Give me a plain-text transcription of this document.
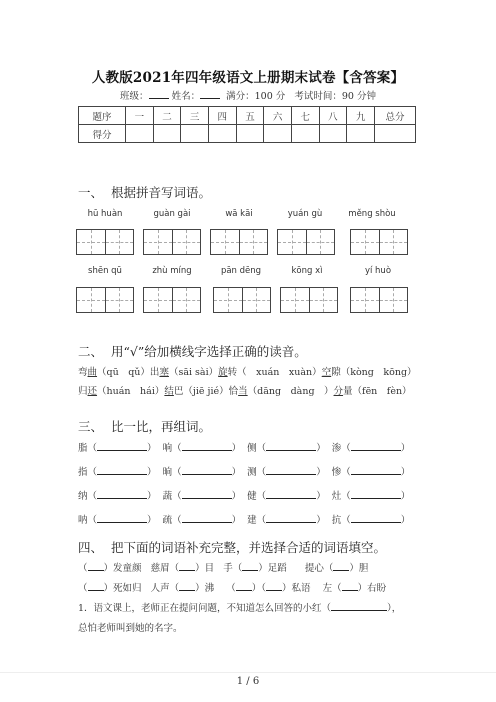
人教版2021年四年级语文上册期末试卷【含答案】
班级： 姓名：	满分：100 分 考试时间：90 分钟
题序	一	二	三	四	五	六	七	八	九	总分
得分										
一、 根据拼音写词语。
hū huàn	guàn gài	wā kāi	yuán gù	měng shòu
shēn qū	zhù míng	pān dēng	kōng xì	yí huò
二、 用“√”给加横线字选择正确的读音。
弯曲（qū　qǔ）出塞（sāi sài）旋转（　xuán　xuàn）空隙（kòng　kōng）
归还（huán　hái）结巴（jiē jié）恰当（dāng　dàng　）分量（fēn　fèn）
三、 比一比，再组词。
脂（	）  响（	）  侧（	）  渗（	）
指（	）  晌（	）  测（	）  惨（	）
纳（	）  蔬（	）  健（	）  灶（	）
呐（	）  疏（	）  建（	）  抗（	）
四、 把下面的词语补充完整，并选择合适的词语填空。
（ ）发童颜 慈眉（ ）目 手（ ）足蹈 提心（ ）胆
（ ）死如归 人声（ ）沸 （ ）（ ）私语 左（ ）右盼
1．语文课上，老师正在提问问题，不知道怎么回答的小红（	），
总怕老师叫到她的名字。
1 / 6
